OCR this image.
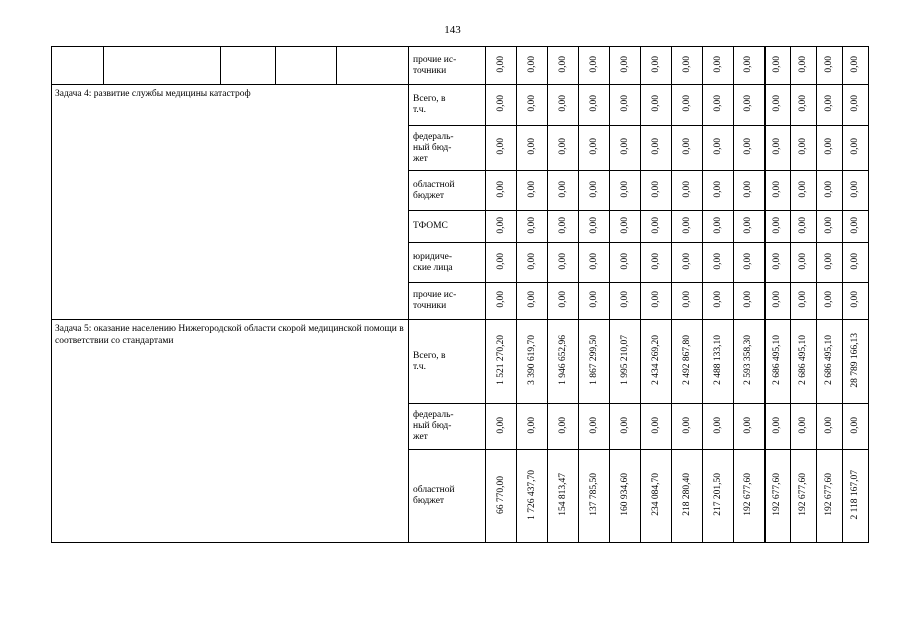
143
					прочие ис-
точники	0,00	0,00	0,00	0,00	0,00	0,00	0,00	0,00	0,00	0,00	0,00	0,00	0,00
Задача 4: развитие службы медицины катастроф					Всего, в
т.ч.	0,00	0,00	0,00	0,00	0,00	0,00	0,00	0,00	0,00	0,00	0,00	0,00	0,00
					федераль-
ный бюд-
жет	0,00	0,00	0,00	0,00	0,00	0,00	0,00	0,00	0,00	0,00	0,00	0,00	0,00
					областной
бюджет	0,00	0,00	0,00	0,00	0,00	0,00	0,00	0,00	0,00	0,00	0,00	0,00	0,00
					ТФОМС	0,00	0,00	0,00	0,00	0,00	0,00	0,00	0,00	0,00	0,00	0,00	0,00	0,00
					юридиче-
ские лица	0,00	0,00	0,00	0,00	0,00	0,00	0,00	0,00	0,00	0,00	0,00	0,00	0,00
					прочие ис-
точники	0,00	0,00	0,00	0,00	0,00	0,00	0,00	0,00	0,00	0,00	0,00	0,00	0,00
Задача 5: оказание населению Нижегородской области скорой медицинской помощи в соответствии со стандартами					Всего, в
т.ч.	1 521 270,20	3 390 619,70	1 946 652,96	1 867 299,50	1 995 210,07	2 434 269,20	2 492 867,80	2 488 133,10	2 593 358,30	2 686 495,10	2 686 495,10	2 686 495,10	28 789 166,13
					федераль-
ный бюд-
жет	0,00	0,00	0,00	0,00	0,00	0,00	0,00	0,00	0,00	0,00	0,00	0,00	0,00
					областной
бюджет	66 770,00	1 726 437,70	154 813,47	137 785,50	160 934,60	234 084,70	218 280,40	217 201,50	192 677,60	192 677,60	192 677,60	192 677,60	2 118 167,07
